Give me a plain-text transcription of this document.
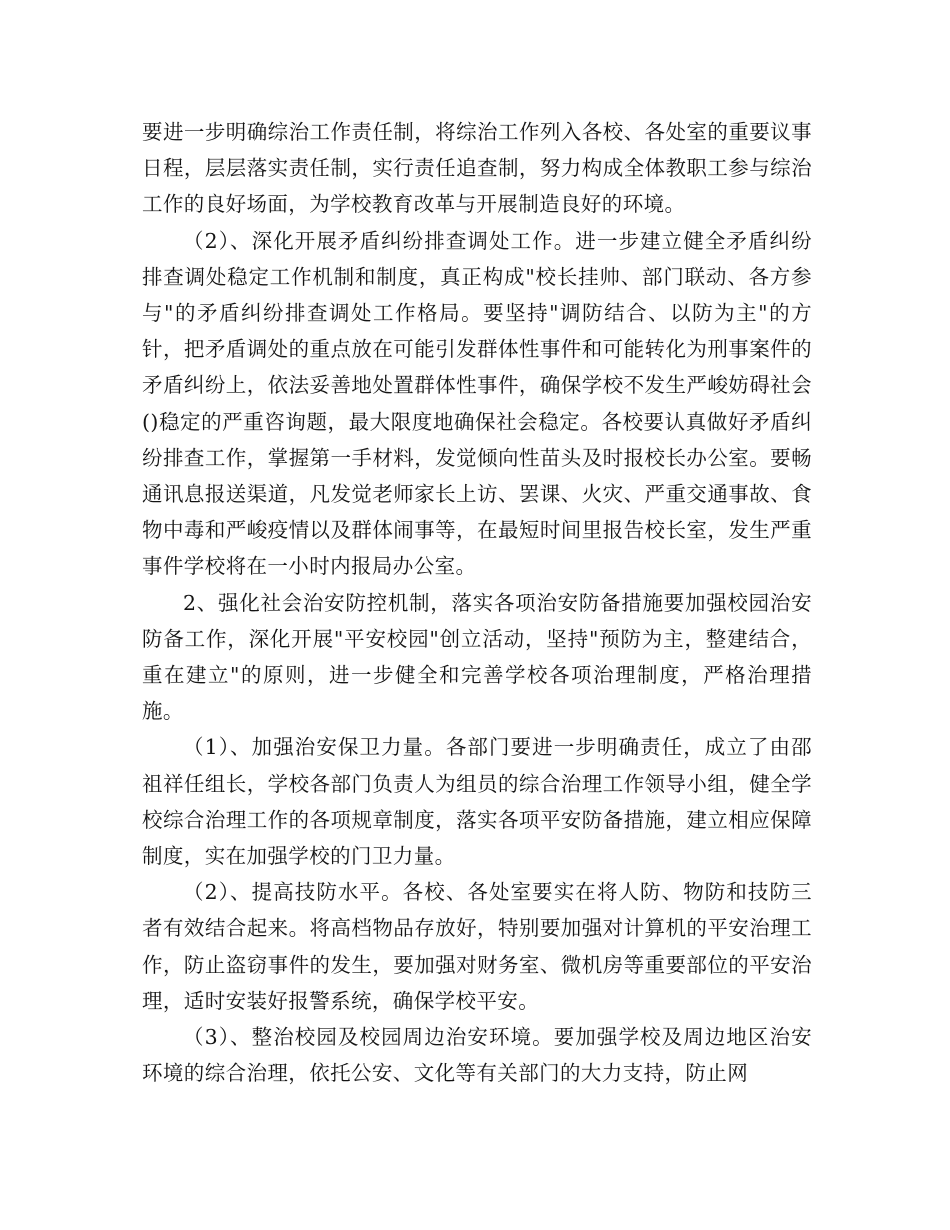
要进一步明确综治工作责任制，将综治工作列入各校、各处室的重要议事日程，层层落实责任制，实行责任追查制，努力构成全体教职工参与综治工作的良好场面，为学校教育改革与开展制造良好的环境。

（2）、深化开展矛盾纠纷排查调处工作。进一步建立健全矛盾纠纷排查调处稳定工作机制和制度，真正构成"校长挂帅、部门联动、各方参与"的矛盾纠纷排查调处工作格局。要坚持"调防结合、以防为主"的方针，把矛盾调处的重点放在可能引发群体性事件和可能转化为刑事案件的矛盾纠纷上，依法妥善地处置群体性事件，确保学校不发生严峻妨碍社会()稳定的严重咨询题，最大限度地确保社会稳定。各校要认真做好矛盾纠纷排查工作，掌握第一手材料，发觉倾向性苗头及时报校长办公室。要畅通讯息报送渠道，凡发觉老师家长上访、罢课、火灾、严重交通事故、食物中毒和严峻疫情以及群体闹事等，在最短时间里报告校长室，发生严重事件学校将在一小时内报局办公室。

2、强化社会治安防控机制，落实各项治安防备措施要加强校园治安防备工作，深化开展"平安校园"创立活动，坚持"预防为主，整建结合，重在建立"的原则，进一步健全和完善学校各项治理制度，严格治理措施。

（1）、加强治安保卫力量。各部门要进一步明确责任，成立了由邵祖祥任组长，学校各部门负责人为组员的综合治理工作领导小组，健全学校综合治理工作的各项规章制度，落实各项平安防备措施，建立相应保障制度，实在加强学校的门卫力量。

（2）、提高技防水平。各校、各处室要实在将人防、物防和技防三者有效结合起来。将高档物品存放好，特别要加强对计算机的平安治理工作，防止盗窃事件的发生，要加强对财务室、微机房等重要部位的平安治理，适时安装好报警系统，确保学校平安。

（3）、整治校园及校园周边治安环境。要加强学校及周边地区治安环境的综合治理，依托公安、文化等有关部门的大力支持，防止网
